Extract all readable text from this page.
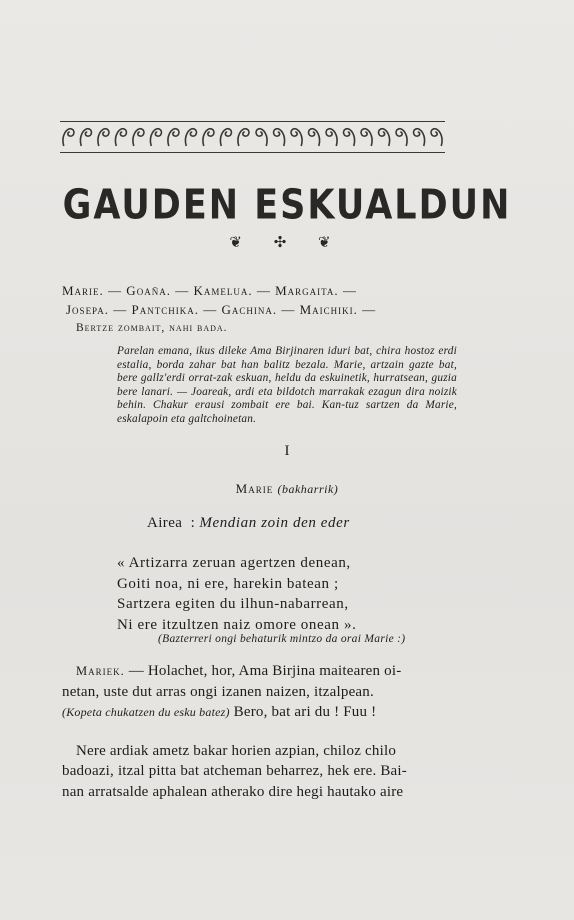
GAUDEN ESKUALDUN
❦ ✣ ❦

Marie. — Goaña. — Kamelua. — Margaita. —

Josepa. — Pantchika. — Gachina. — Maichiki. —

Bertze zombait, nahi bada.

Parelan emana, ikus dileke Ama Birjinaren iduri bat, chira hostoz erdi estalia, borda zahar bat han balitz bezala. Marie, artzain gazte bat, bere gallz'erdi orrat-zak eskuan, heldu da eskuinetik, hurratsean, guzia bere lanari. — Joareak, ardi eta bildotch marrakak ezagun dira noizik behin. Chakur erausi zombait ere bai. Kan-tuz sartzen da Marie, eskalapoin eta galtchoinetan.
I
Marie (bakharrik)
Airea  : Mendian zoin den eder

« Artizarra zeruan agertzen denean,

Goiti noa, ni ere, harekin batean ;

Sartzera egiten du ilhun-nabarrean,

Ni ere itzultzen naiz omore onean ».

(Bazterreri ongi behaturik mintzo da orai Marie :)

Mariek. — Holachet, hor, Ama Birjina maitearen oi-

netan, uste dut arras ongi izanen naizen, itzalpean.

(Kopeta chukatzen du esku batez) Bero, bat ari du ! Fuu !

Nere ardiak ametz bakar horien azpian, chiloz chilo

badoazi, itzal pitta bat atcheman beharrez, hek ere. Bai-

nan arratsalde aphalean atherako dire hegi hautako aire
